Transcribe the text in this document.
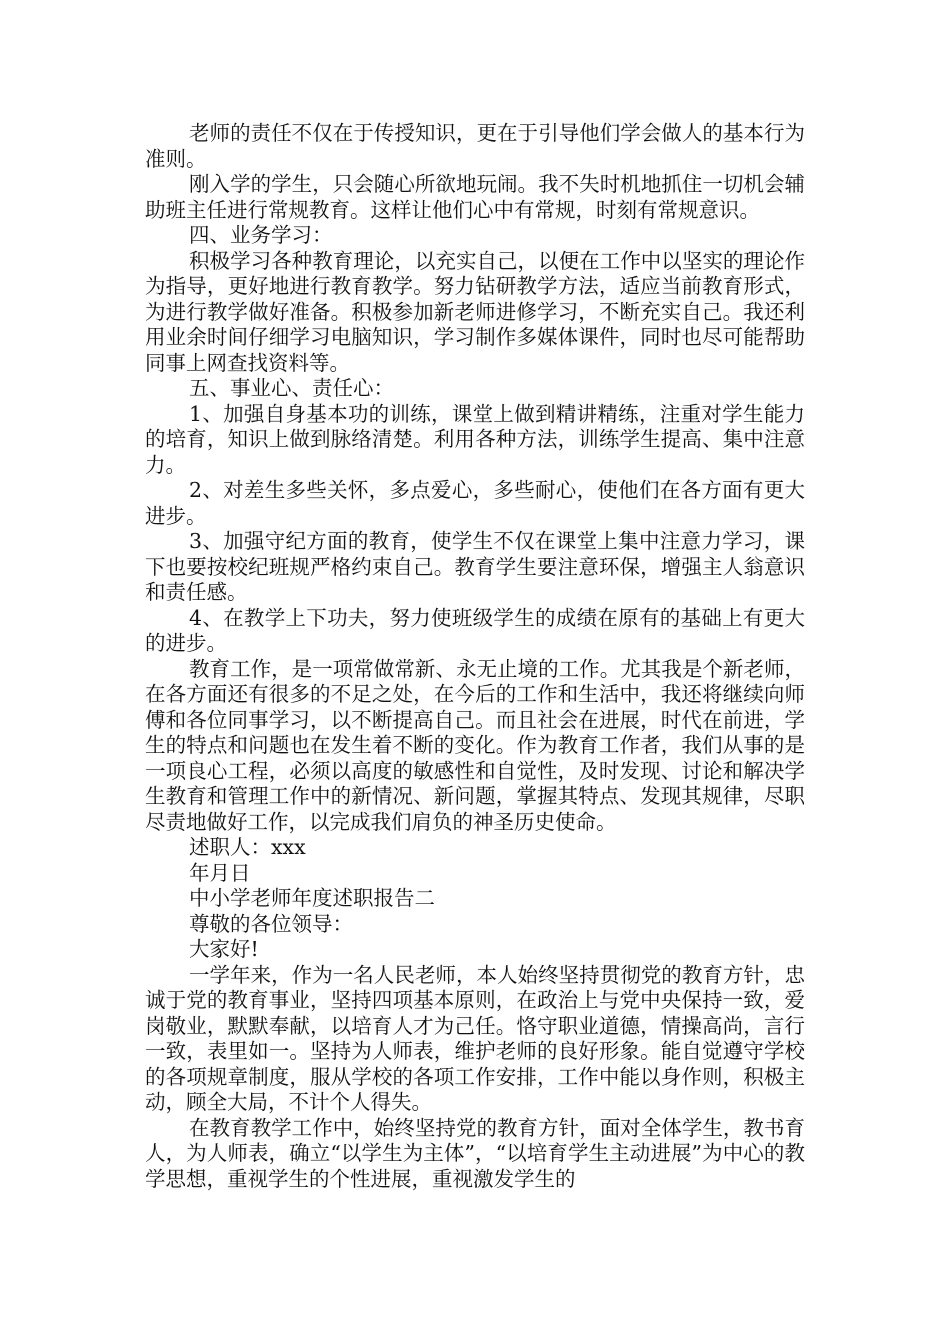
老师的责任不仅在于传授知识，更在于引导他们学会做人的基本行为准则。

刚入学的学生，只会随心所欲地玩闹。我不失时机地抓住一切机会辅助班主任进行常规教育。这样让他们心中有常规，时刻有常规意识。

四、业务学习：

积极学习各种教育理论，以充实自己，以便在工作中以坚实的理论作为指导，更好地进行教育教学。努力钻研教学方法，适应当前教育形式，为进行教学做好准备。积极参加新老师进修学习，不断充实自己。我还利用业余时间仔细学习电脑知识，学习制作多媒体课件，同时也尽可能帮助同事上网查找资料等。

五、事业心、责任心：

1、加强自身基本功的训练，课堂上做到精讲精练，注重对学生能力的培育，知识上做到脉络清楚。利用各种方法，训练学生提高、集中注意力。

2、对差生多些关怀，多点爱心，多些耐心，使他们在各方面有更大进步。

3、加强守纪方面的教育，使学生不仅在课堂上集中注意力学习，课下也要按校纪班规严格约束自己。教育学生要注意环保，增强主人翁意识和责任感。

4、在教学上下功夫，努力使班级学生的成绩在原有的基础上有更大的进步。

教育工作，是一项常做常新、永无止境的工作。尤其我是个新老师，在各方面还有很多的不足之处，在今后的工作和生活中，我还将继续向师傅和各位同事学习，以不断提高自己。而且社会在进展，时代在前进，学生的特点和问题也在发生着不断的变化。作为教育工作者，我们从事的是一项良心工程，必须以高度的敏感性和自觉性，及时发现、讨论和解决学生教育和管理工作中的新情况、新问题，掌握其特点、发现其规律，尽职尽责地做好工作，以完成我们肩负的神圣历史使命。

述职人：xxx

年月日

中小学老师年度述职报告二

尊敬的各位领导：

大家好!

一学年来，作为一名人民老师，本人始终坚持贯彻党的教育方针，忠诚于党的教育事业，坚持四项基本原则，在政治上与党中央保持一致，爱岗敬业，默默奉献，以培育人才为己任。恪守职业道德，情操高尚，言行一致，表里如一。坚持为人师表，维护老师的良好形象。能自觉遵守学校的各项规章制度，服从学校的各项工作安排，工作中能以身作则，积极主动，顾全大局，不计个人得失。

在教育教学工作中，始终坚持党的教育方针，面对全体学生，教书育人，为人师表，确立“以学生为主体”，“以培育学生主动进展”为中心的教学思想，重视学生的个性进展，重视激发学生的
